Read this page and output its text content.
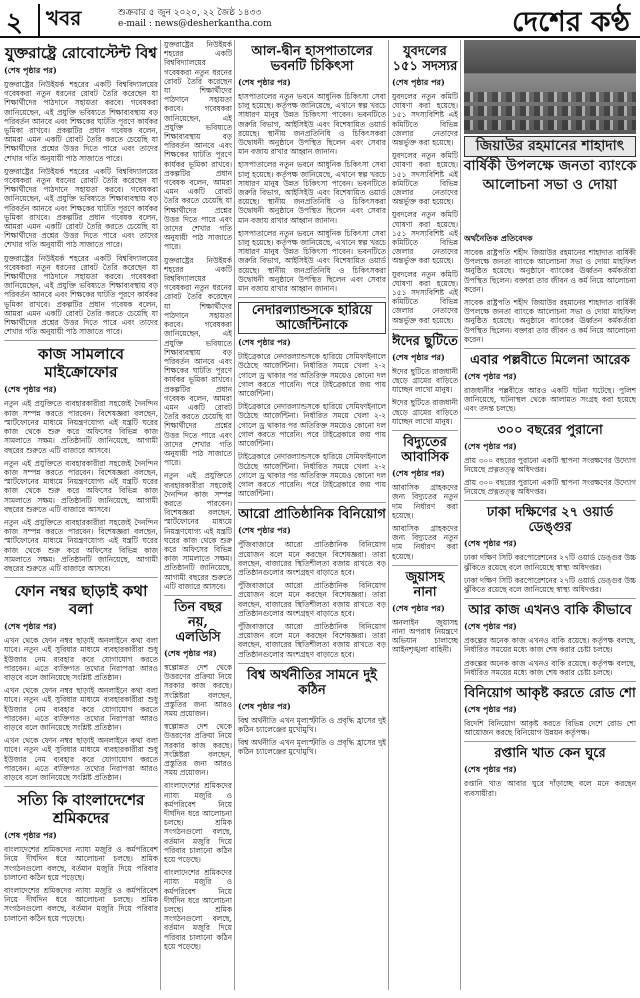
২	খবর	শুক্রবার ৫ জুন ২০২০, ২২ জৈষ্ঠ ১৪৩৩
e-mail : news@desherkantha.com	দেশের কণ্ঠ
যুক্তরাষ্ট্রে রোবোস্টেন্ট বিশ্ব
(শেষ পৃষ্ঠার পর)

যুক্তরাষ্ট্রের নিউইয়র্ক শহরের একটি বিশ্ববিদ্যালয়ের গবেষকরা নতুন ধরনের রোবট তৈরি করেছেন যা শিক্ষার্থীদের পাঠদানে সহায়তা করবে। গবেষকরা জানিয়েছেন, এই প্রযুক্তি ভবিষ্যতে শিক্ষাব্যবস্থায় বড় পরিবর্তন আনবে এবং শিক্ষকের ঘাটতি পূরণে কার্যকর ভূমিকা রাখবে। প্রকল্পটির প্রধান গবেষক বলেন, আমরা এমন একটি রোবট তৈরি করতে চেয়েছি যা শিক্ষার্থীদের প্রশ্নের উত্তর দিতে পারে এবং তাদের শেখার গতি অনুযায়ী পাঠ সাজাতে পারে।

যুক্তরাষ্ট্রের নিউইয়র্ক শহরের একটি বিশ্ববিদ্যালয়ের গবেষকরা নতুন ধরনের রোবট তৈরি করেছেন যা শিক্ষার্থীদের পাঠদানে সহায়তা করবে। গবেষকরা জানিয়েছেন, এই প্রযুক্তি ভবিষ্যতে শিক্ষাব্যবস্থায় বড় পরিবর্তন আনবে এবং শিক্ষকের ঘাটতি পূরণে কার্যকর ভূমিকা রাখবে। প্রকল্পটির প্রধান গবেষক বলেন, আমরা এমন একটি রোবট তৈরি করতে চেয়েছি যা শিক্ষার্থীদের প্রশ্নের উত্তর দিতে পারে এবং তাদের শেখার গতি অনুযায়ী পাঠ সাজাতে পারে।

যুক্তরাষ্ট্রের নিউইয়র্ক শহরের একটি বিশ্ববিদ্যালয়ের গবেষকরা নতুন ধরনের রোবট তৈরি করেছেন যা শিক্ষার্থীদের পাঠদানে সহায়তা করবে। গবেষকরা জানিয়েছেন, এই প্রযুক্তি ভবিষ্যতে শিক্ষাব্যবস্থায় বড় পরিবর্তন আনবে এবং শিক্ষকের ঘাটতি পূরণে কার্যকর ভূমিকা রাখবে। প্রকল্পটির প্রধান গবেষক বলেন, আমরা এমন একটি রোবট তৈরি করতে চেয়েছি যা শিক্ষার্থীদের প্রশ্নের উত্তর দিতে পারে এবং তাদের শেখার গতি অনুযায়ী পাঠ সাজাতে পারে।

কাজ সামলাবে মাইক্রোফোর
(শেষ পৃষ্ঠার পর)

নতুন এই প্রযুক্তিতে ব্যবহারকারীরা সহজেই দৈনন্দিন কাজ সম্পন্ন করতে পারবেন। বিশেষজ্ঞরা বলছেন, স্মার্টফোনের মাধ্যমে নিয়ন্ত্রণযোগ্য এই যন্ত্রটি ঘরের কাজ থেকে শুরু করে অফিসের বিভিন্ন কাজ সামলাতে সক্ষম। প্রতিষ্ঠানটি জানিয়েছে, আগামী বছরের শুরুতে এটি বাজারে আসবে।

নতুন এই প্রযুক্তিতে ব্যবহারকারীরা সহজেই দৈনন্দিন কাজ সম্পন্ন করতে পারবেন। বিশেষজ্ঞরা বলছেন, স্মার্টফোনের মাধ্যমে নিয়ন্ত্রণযোগ্য এই যন্ত্রটি ঘরের কাজ থেকে শুরু করে অফিসের বিভিন্ন কাজ সামলাতে সক্ষম। প্রতিষ্ঠানটি জানিয়েছে, আগামী বছরের শুরুতে এটি বাজারে আসবে।

নতুন এই প্রযুক্তিতে ব্যবহারকারীরা সহজেই দৈনন্দিন কাজ সম্পন্ন করতে পারবেন। বিশেষজ্ঞরা বলছেন, স্মার্টফোনের মাধ্যমে নিয়ন্ত্রণযোগ্য এই যন্ত্রটি ঘরের কাজ থেকে শুরু করে অফিসের বিভিন্ন কাজ সামলাতে সক্ষম। প্রতিষ্ঠানটি জানিয়েছে, আগামী বছরের শুরুতে এটি বাজারে আসবে।

ফোন নম্বর ছাড়াই কথা বলা
(শেষ পৃষ্ঠার পর)

এখন থেকে ফোন নম্বর ছাড়াই অনলাইনে কথা বলা যাবে। নতুন এই সুবিধার মাধ্যমে ব্যবহারকারীরা শুধু ইউজার নেম ব্যবহার করে যোগাযোগ করতে পারবেন। এতে ব্যক্তিগত তথ্যের নিরাপত্তা আরও বাড়বে বলে জানিয়েছে সংশ্লিষ্ট প্রতিষ্ঠান।

এখন থেকে ফোন নম্বর ছাড়াই অনলাইনে কথা বলা যাবে। নতুন এই সুবিধার মাধ্যমে ব্যবহারকারীরা শুধু ইউজার নেম ব্যবহার করে যোগাযোগ করতে পারবেন। এতে ব্যক্তিগত তথ্যের নিরাপত্তা আরও বাড়বে বলে জানিয়েছে সংশ্লিষ্ট প্রতিষ্ঠান।

এখন থেকে ফোন নম্বর ছাড়াই অনলাইনে কথা বলা যাবে। নতুন এই সুবিধার মাধ্যমে ব্যবহারকারীরা শুধু ইউজার নেম ব্যবহার করে যোগাযোগ করতে পারবেন। এতে ব্যক্তিগত তথ্যের নিরাপত্তা আরও বাড়বে বলে জানিয়েছে সংশ্লিষ্ট প্রতিষ্ঠান।

সত্যি কি বাংলাদেশের শ্রমিকদের
(শেষ পৃষ্ঠার পর)

বাংলাদেশের শ্রমিকদের ন্যায্য মজুরি ও কর্মপরিবেশ নিয়ে দীর্ঘদিন ধরে আলোচনা চলছে। শ্রমিক সংগঠনগুলো বলছে, বর্তমান মজুরি দিয়ে পরিবার চালানো কঠিন হয়ে পড়েছে।

বাংলাদেশের শ্রমিকদের ন্যায্য মজুরি ও কর্মপরিবেশ নিয়ে দীর্ঘদিন ধরে আলোচনা চলছে। শ্রমিক সংগঠনগুলো বলছে, বর্তমান মজুরি দিয়ে পরিবার চালানো কঠিন হয়ে পড়েছে।

যুক্তরাষ্ট্রের নিউইয়র্ক শহরের একটি বিশ্ববিদ্যালয়ের গবেষকরা নতুন ধরনের রোবট তৈরি করেছেন যা শিক্ষার্থীদের পাঠদানে সহায়তা করবে। গবেষকরা জানিয়েছেন, এই প্রযুক্তি ভবিষ্যতে শিক্ষাব্যবস্থায় বড় পরিবর্তন আনবে এবং শিক্ষকের ঘাটতি পূরণে কার্যকর ভূমিকা রাখবে। প্রকল্পটির প্রধান গবেষক বলেন, আমরা এমন একটি রোবট তৈরি করতে চেয়েছি যা শিক্ষার্থীদের প্রশ্নের উত্তর দিতে পারে এবং তাদের শেখার গতি অনুযায়ী পাঠ সাজাতে পারে।

যুক্তরাষ্ট্রের নিউইয়র্ক শহরের একটি বিশ্ববিদ্যালয়ের গবেষকরা নতুন ধরনের রোবট তৈরি করেছেন যা শিক্ষার্থীদের পাঠদানে সহায়তা করবে। গবেষকরা জানিয়েছেন, এই প্রযুক্তি ভবিষ্যতে শিক্ষাব্যবস্থায় বড় পরিবর্তন আনবে এবং শিক্ষকের ঘাটতি পূরণে কার্যকর ভূমিকা রাখবে। প্রকল্পটির প্রধান গবেষক বলেন, আমরা এমন একটি রোবট তৈরি করতে চেয়েছি যা শিক্ষার্থীদের প্রশ্নের উত্তর দিতে পারে এবং তাদের শেখার গতি অনুযায়ী পাঠ সাজাতে পারে।

নতুন এই প্রযুক্তিতে ব্যবহারকারীরা সহজেই দৈনন্দিন কাজ সম্পন্ন করতে পারবেন। বিশেষজ্ঞরা বলছেন, স্মার্টফোনের মাধ্যমে নিয়ন্ত্রণযোগ্য এই যন্ত্রটি ঘরের কাজ থেকে শুরু করে অফিসের বিভিন্ন কাজ সামলাতে সক্ষম। প্রতিষ্ঠানটি জানিয়েছে, আগামী বছরের শুরুতে এটি বাজারে আসবে।

তিন বছর নয়, এলডিসি
(শেষ পৃষ্ঠার পর)

স্বল্পোন্নত দেশ থেকে উত্তরণের প্রক্রিয়া নিয়ে সরকার কাজ করছে। সংশ্লিষ্টরা বলছেন, প্রস্তুতির জন্য আরও সময় প্রয়োজন।

স্বল্পোন্নত দেশ থেকে উত্তরণের প্রক্রিয়া নিয়ে সরকার কাজ করছে। সংশ্লিষ্টরা বলছেন, প্রস্তুতির জন্য আরও সময় প্রয়োজন।

বাংলাদেশের শ্রমিকদের ন্যায্য মজুরি ও কর্মপরিবেশ নিয়ে দীর্ঘদিন ধরে আলোচনা চলছে। শ্রমিক সংগঠনগুলো বলছে, বর্তমান মজুরি দিয়ে পরিবার চালানো কঠিন হয়ে পড়েছে।

বাংলাদেশের শ্রমিকদের ন্যায্য মজুরি ও কর্মপরিবেশ নিয়ে দীর্ঘদিন ধরে আলোচনা চলছে। শ্রমিক সংগঠনগুলো বলছে, বর্তমান মজুরি দিয়ে পরিবার চালানো কঠিন হয়ে পড়েছে।

আল-দ্বীন হাসপাতালের ভবনটি চিকিৎসা
(শেষ পৃষ্ঠার পর)

হাসপাতালের নতুন ভবনে আধুনিক চিকিৎসা সেবা চালু হয়েছে। কর্তৃপক্ষ জানিয়েছে, এখানে স্বল্প খরচে সাধারণ মানুষ উন্নত চিকিৎসা পাবেন। ভবনটিতে জরুরি বিভাগ, আইসিইউ এবং বিশেষায়িত ওয়ার্ড রয়েছে। স্থানীয় জনপ্রতিনিধি ও চিকিৎসকরা উদ্বোধনী অনুষ্ঠানে উপস্থিত ছিলেন এবং সেবার মান বজায় রাখার আহ্বান জানান।

হাসপাতালের নতুন ভবনে আধুনিক চিকিৎসা সেবা চালু হয়েছে। কর্তৃপক্ষ জানিয়েছে, এখানে স্বল্প খরচে সাধারণ মানুষ উন্নত চিকিৎসা পাবেন। ভবনটিতে জরুরি বিভাগ, আইসিইউ এবং বিশেষায়িত ওয়ার্ড রয়েছে। স্থানীয় জনপ্রতিনিধি ও চিকিৎসকরা উদ্বোধনী অনুষ্ঠানে উপস্থিত ছিলেন এবং সেবার মান বজায় রাখার আহ্বান জানান।

হাসপাতালের নতুন ভবনে আধুনিক চিকিৎসা সেবা চালু হয়েছে। কর্তৃপক্ষ জানিয়েছে, এখানে স্বল্প খরচে সাধারণ মানুষ উন্নত চিকিৎসা পাবেন। ভবনটিতে জরুরি বিভাগ, আইসিইউ এবং বিশেষায়িত ওয়ার্ড রয়েছে। স্থানীয় জনপ্রতিনিধি ও চিকিৎসকরা উদ্বোধনী অনুষ্ঠানে উপস্থিত ছিলেন এবং সেবার মান বজায় রাখার আহ্বান জানান।

নেদারল্যান্ডসকে হারিয়ে আর্জেন্টিনাকে
(শেষ পৃষ্ঠার পর)

টাইব্রেকারে নেদারল্যান্ডসকে হারিয়ে সেমিফাইনালে উঠেছে আর্জেন্টিনা। নির্ধারিত সময়ে খেলা ২-২ গোলে ড্র থাকার পর অতিরিক্ত সময়েও কোনো দল গোল করতে পারেনি। পরে টাইব্রেকারে জয় পায় আর্জেন্টিনা।

টাইব্রেকারে নেদারল্যান্ডসকে হারিয়ে সেমিফাইনালে উঠেছে আর্জেন্টিনা। নির্ধারিত সময়ে খেলা ২-২ গোলে ড্র থাকার পর অতিরিক্ত সময়েও কোনো দল গোল করতে পারেনি। পরে টাইব্রেকারে জয় পায় আর্জেন্টিনা।

টাইব্রেকারে নেদারল্যান্ডসকে হারিয়ে সেমিফাইনালে উঠেছে আর্জেন্টিনা। নির্ধারিত সময়ে খেলা ২-২ গোলে ড্র থাকার পর অতিরিক্ত সময়েও কোনো দল গোল করতে পারেনি। পরে টাইব্রেকারে জয় পায় আর্জেন্টিনা।

আরো প্রাতিষ্ঠানিক বিনিয়োগ
(শেষ পৃষ্ঠার পর)

পুঁজিবাজারে আরো প্রাতিষ্ঠানিক বিনিয়োগ প্রয়োজন বলে মনে করছেন বিশেষজ্ঞরা। তারা বলছেন, বাজারের স্থিতিশীলতা বজায় রাখতে বড় প্রতিষ্ঠানগুলোর অংশগ্রহণ বাড়াতে হবে।

পুঁজিবাজারে আরো প্রাতিষ্ঠানিক বিনিয়োগ প্রয়োজন বলে মনে করছেন বিশেষজ্ঞরা। তারা বলছেন, বাজারের স্থিতিশীলতা বজায় রাখতে বড় প্রতিষ্ঠানগুলোর অংশগ্রহণ বাড়াতে হবে।

পুঁজিবাজারে আরো প্রাতিষ্ঠানিক বিনিয়োগ প্রয়োজন বলে মনে করছেন বিশেষজ্ঞরা। তারা বলছেন, বাজারের স্থিতিশীলতা বজায় রাখতে বড় প্রতিষ্ঠানগুলোর অংশগ্রহণ বাড়াতে হবে।

বিশ্ব অর্থনীতির সামনে দুই কঠিন
(শেষ পৃষ্ঠার পর)

বিশ্ব অর্থনীতি এখন মূল্যস্ফীতি ও প্রবৃদ্ধি হ্রাসের দুই কঠিন চ্যালেঞ্জের মুখোমুখি।

বিশ্ব অর্থনীতি এখন মূল্যস্ফীতি ও প্রবৃদ্ধি হ্রাসের দুই কঠিন চ্যালেঞ্জের মুখোমুখি।

যুবদলের ১৫১ সদস্যর
(শেষ পৃষ্ঠার পর)

যুবদলের নতুন কমিটি ঘোষণা করা হয়েছে। ১৫১ সদস্যবিশিষ্ট এই কমিটিতে বিভিন্ন জেলার নেতাদের অন্তর্ভুক্ত করা হয়েছে।

যুবদলের নতুন কমিটি ঘোষণা করা হয়েছে। ১৫১ সদস্যবিশিষ্ট এই কমিটিতে বিভিন্ন জেলার নেতাদের অন্তর্ভুক্ত করা হয়েছে।

যুবদলের নতুন কমিটি ঘোষণা করা হয়েছে। ১৫১ সদস্যবিশিষ্ট এই কমিটিতে বিভিন্ন জেলার নেতাদের অন্তর্ভুক্ত করা হয়েছে।

যুবদলের নতুন কমিটি ঘোষণা করা হয়েছে। ১৫১ সদস্যবিশিষ্ট এই কমিটিতে বিভিন্ন জেলার নেতাদের অন্তর্ভুক্ত করা হয়েছে।

ঈদের ছুটিতে
(শেষ পৃষ্ঠার পর)

ঈদের ছুটিতে রাজধানী ছেড়ে গ্রামের বাড়িতে যাচ্ছেন লাখো মানুষ।

ঈদের ছুটিতে রাজধানী ছেড়ে গ্রামের বাড়িতে যাচ্ছেন লাখো মানুষ।

বিদ্যুতের আবাসিক
(শেষ পৃষ্ঠার পর)

আবাসিক গ্রাহকদের জন্য বিদ্যুতের নতুন দাম নির্ধারণ করা হয়েছে।

আবাসিক গ্রাহকদের জন্য বিদ্যুতের নতুন দাম নির্ধারণ করা হয়েছে।

জুয়াসহ নানা
(শেষ পৃষ্ঠার পর)

অনলাইন জুয়াসহ নানা অপরাধ নিয়ন্ত্রণে অভিযান চালাচ্ছে আইনশৃঙ্খলা বাহিনী।

জিয়াউর রহমানের শাহাদাৎ
বার্ষিকী উপলক্ষে জনতা ব্যাংকে
আলোচনা সভা ও দোয়া
অর্থনৈতিক প্রতিবেদক

সাবেক রাষ্ট্রপতি শহীদ জিয়াউর রহমানের শাহাদাত বার্ষিকী উপলক্ষে জনতা ব্যাংকে আলোচনা সভা ও দোয়া মাহফিল অনুষ্ঠিত হয়েছে। অনুষ্ঠানে ব্যাংকের ঊর্ধ্বতন কর্মকর্তারা উপস্থিত ছিলেন। বক্তারা তার জীবন ও কর্ম নিয়ে আলোচনা করেন।

সাবেক রাষ্ট্রপতি শহীদ জিয়াউর রহমানের শাহাদাত বার্ষিকী উপলক্ষে জনতা ব্যাংকে আলোচনা সভা ও দোয়া মাহফিল অনুষ্ঠিত হয়েছে। অনুষ্ঠানে ব্যাংকের ঊর্ধ্বতন কর্মকর্তারা উপস্থিত ছিলেন। বক্তারা তার জীবন ও কর্ম নিয়ে আলোচনা করেন।

এবার পল্লবীতে মিলেনা আরেক
(শেষ পৃষ্ঠার পর)

রাজধানীর পল্লবীতে আরও একটি ঘটনা ঘটেছে। পুলিশ জানিয়েছে, ঘটনাস্থল থেকে আলামত সংগ্রহ করা হয়েছে এবং তদন্ত চলছে।

৩০০ বছরের পুরানো
(শেষ পৃষ্ঠার পর)

প্রায় ৩০০ বছরের পুরানো একটি স্থাপনা সংরক্ষণের উদ্যোগ নিয়েছে প্রত্নতত্ত্ব অধিদপ্তর।

প্রায় ৩০০ বছরের পুরানো একটি স্থাপনা সংরক্ষণের উদ্যোগ নিয়েছে প্রত্নতত্ত্ব অধিদপ্তর।

ঢাকা দক্ষিণের ২৭ ওয়ার্ড ডেঙ্গুর
(শেষ পৃষ্ঠার পর)

ঢাকা দক্ষিণ সিটি করপোরেশনের ২৭টি ওয়ার্ড ডেঙ্গুর উচ্চ ঝুঁকিতে রয়েছে বলে জানিয়েছে স্বাস্থ্য অধিদপ্তর।

ঢাকা দক্ষিণ সিটি করপোরেশনের ২৭টি ওয়ার্ড ডেঙ্গুর উচ্চ ঝুঁকিতে রয়েছে বলে জানিয়েছে স্বাস্থ্য অধিদপ্তর।

আর কাজ এখনও বাকি কীভাবে
(শেষ পৃষ্ঠার পর)

প্রকল্পের অনেক কাজ এখনও বাকি রয়েছে। কর্তৃপক্ষ বলছে, নির্ধারিত সময়ের মধ্যে কাজ শেষ করার চেষ্টা চলছে।

প্রকল্পের অনেক কাজ এখনও বাকি রয়েছে। কর্তৃপক্ষ বলছে, নির্ধারিত সময়ের মধ্যে কাজ শেষ করার চেষ্টা চলছে।

বিনিয়োগ আকৃষ্ট করতে রোড শো
(শেষ পৃষ্ঠার পর)

বিদেশি বিনিয়োগ আকৃষ্ট করতে বিভিন্ন দেশে রোড শো আয়োজন করছে বিনিয়োগ উন্নয়ন কর্তৃপক্ষ।

রপ্তানি খাত কেন ঘুরে
(শেষ পৃষ্ঠার পর)

রপ্তানি খাত আবার ঘুরে দাঁড়াচ্ছে বলে মনে করছেন ব্যবসায়ীরা।
